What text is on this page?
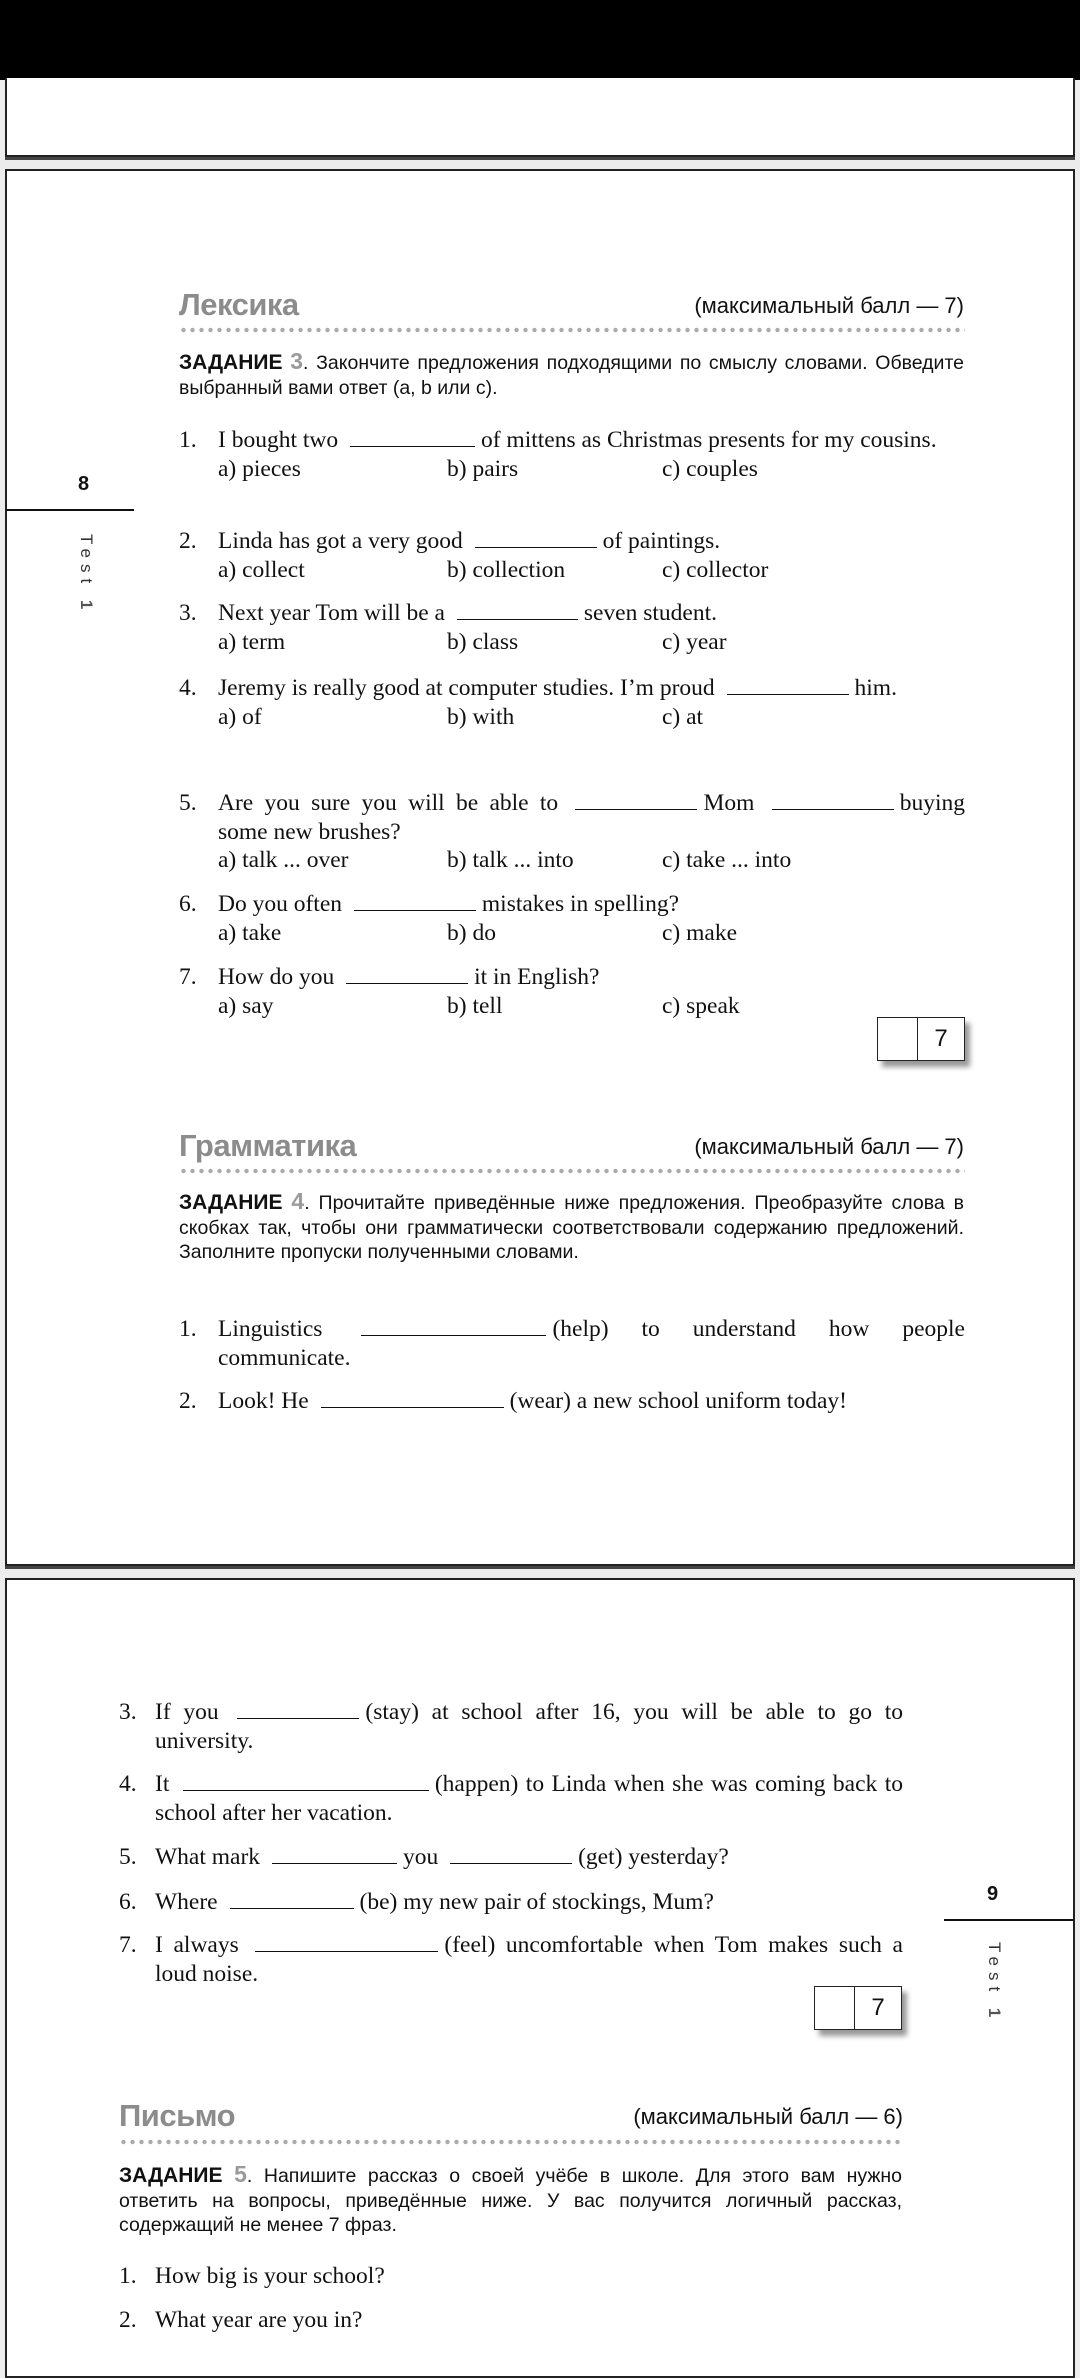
8
Test 1
Лексика	(максимальный балл — 7)
ЗАДАНИЕ 3. Закончите предложения подходящими по смыслу словами. Обведите выбранный вами ответ (a, b или c).
1. I bought two	of mittens as Christmas presents for my cousins.
a) pieces	b) pairs	c) couples
2. Linda has got a very good	of paintings.
a) collect	b) collection	c) collector
3. Next year Tom will be a	seven student.
a) term	b) class	c) year
4. Jeremy is really good at computer studies. I’m proud	him.
a) of	b) with	c) at
5. Are you sure you will be able to	Mom	buying some new brushes?
a) talk ... over	b) talk ... into	c) take ... into
6. Do you often	mistakes in spelling?
a) take	b) do	c) make
7. How do you	it in English?
a) say	b) tell	c) speak
7
Грамматика	(максимальный балл — 7)
ЗАДАНИЕ 4. Прочитайте приведённые ниже предложения. Преобразуйте слова в скобках так, чтобы они грамматически соответствовали содержанию предложений. Заполните пропуски полученными словами.
1. Linguistics	(help) to understand how people communicate.
2. Look! He	(wear) a new school uniform today!
9
Test 1
3. If you	(stay) at school after 16, you will be able to go to university.
4. It	(happen) to Linda when she was coming back to school after her vacation.
5. What mark	you	(get) yesterday?
6. Where	(be) my new pair of stockings, Mum?
7. I always	(feel) uncomfortable when Tom makes such a loud noise.
7
Письмо	(максимальный балл — 6)
ЗАДАНИЕ 5. Напишите рассказ о своей учёбе в школе. Для этого вам нужно ответить на вопросы, приведённые ниже. У вас получится логичный рассказ, содержащий не менее 7 фраз.
1. How big is your school?
2. What year are you in?
